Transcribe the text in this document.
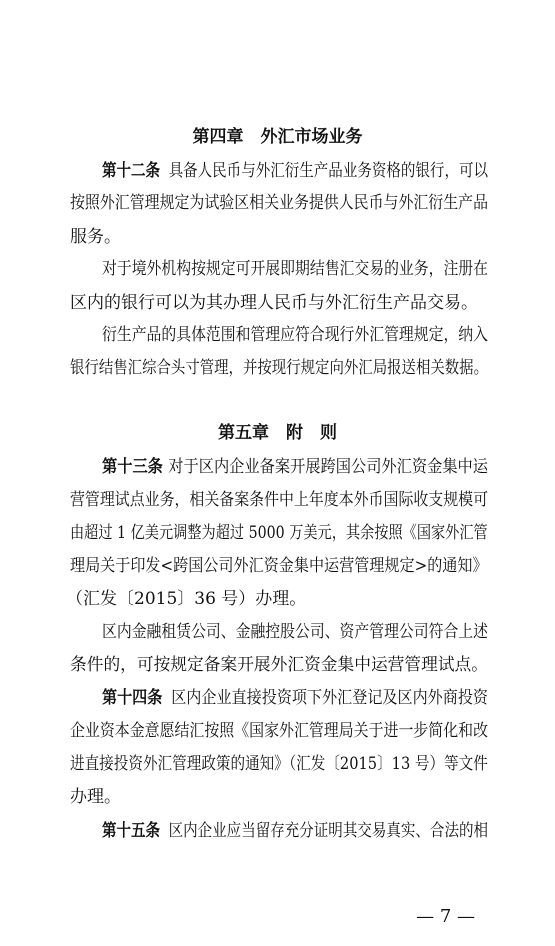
第四章　外汇市场业务
第十二条 具备人民币与外汇衍生产品业务资格的银行，可以
按照外汇管理规定为试验区相关业务提供人民币与外汇衍生产品
服务。
对于境外机构按规定可开展即期结售汇交易的业务，注册在
区内的银行可以为其办理人民币与外汇衍生产品交易。
衍生产品的具体范围和管理应符合现行外汇管理规定，纳入
银行结售汇综合头寸管理，并按现行规定向外汇局报送相关数据。
第五章　附　则
第十三条 对于区内企业备案开展跨国公司外汇资金集中运
营管理试点业务，相关备案条件中上年度本外币国际收支规模可
由超过 1 亿美元调整为超过 5000 万美元，其余按照《国家外汇管
理局关于印发<跨国公司外汇资金集中运营管理规定>的通知》
（汇发〔2015〕36 号）办理。
区内金融租赁公司、金融控股公司、资产管理公司符合上述
条件的，可按规定备案开展外汇资金集中运营管理试点。
第十四条 区内企业直接投资项下外汇登记及区内外商投资
企业资本金意愿结汇按照《国家外汇管理局关于进一步简化和改
进直接投资外汇管理政策的通知》（汇发〔2015〕13 号）等文件
办理。
第十五条 区内企业应当留存充分证明其交易真实、合法的相
— 7 —
